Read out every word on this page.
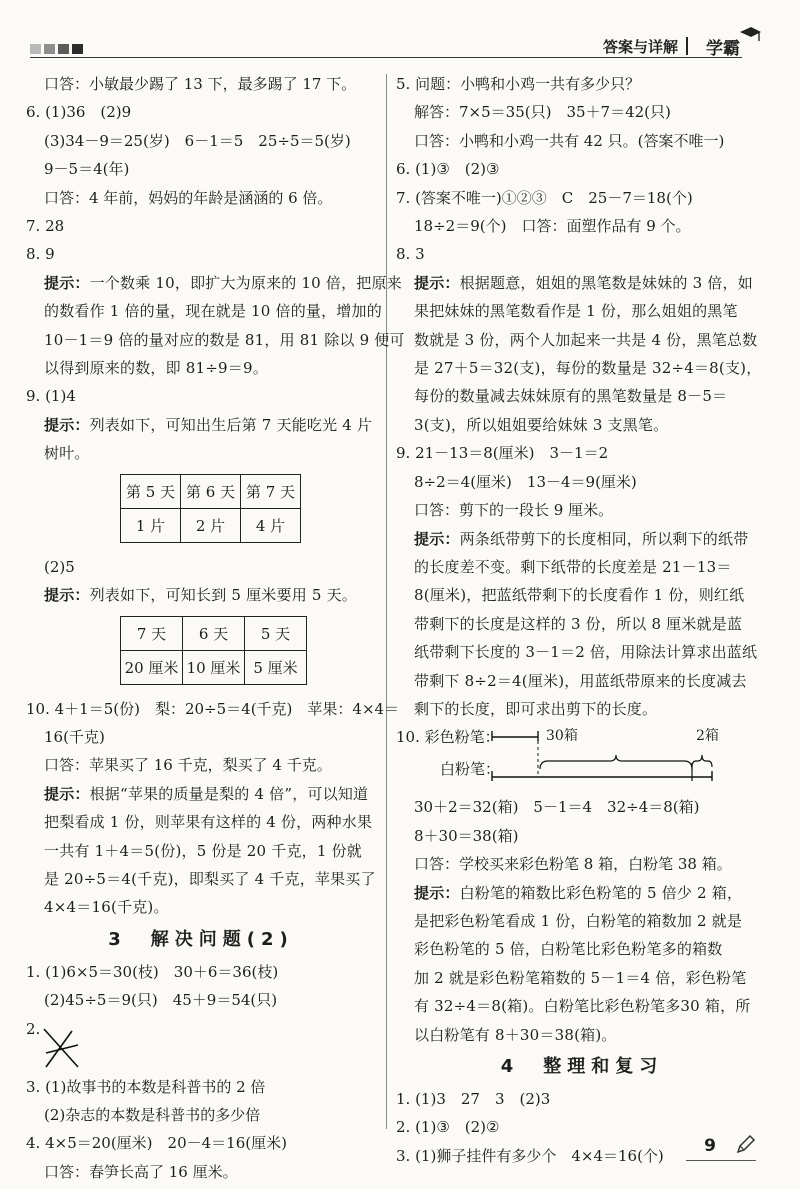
答案与详解 学霸
口答：小敏最少踢了 13 下，最多踢了 17 下。
6. (1)36　(2)9
(3)34－9＝25(岁)　6－1＝5　25÷5＝5(岁)
9－5＝4(年)
口答：4 年前，妈妈的年龄是涵涵的 6 倍。
7. 28
8. 9
提示：一个数乘 10，即扩大为原来的 10 倍，把原来
的数看作 1 倍的量，现在就是 10 倍的量，增加的
10－1＝9 倍的量对应的数是 81，用 81 除以 9 便可
以得到原来的数，即 81÷9＝9。
9. (1)4
提示：列表如下，可知出生后第 7 天能吃光 4 片
树叶。
第 5 天	第 6 天	第 7 天
1 片	2 片	4 片
(2)5
提示：列表如下，可知长到 5 厘米要用 5 天。
7 天	6 天	5 天
20 厘米	10 厘米	5 厘米
10. 4＋1＝5(份)　梨：20÷5＝4(千克)　苹果：4×4＝
16(千克)
口答：苹果买了 16 千克，梨买了 4 千克。
提示：根据“苹果的质量是梨的 4 倍”，可以知道
把梨看成 1 份，则苹果有这样的 4 份，两种水果
一共有 1＋4＝5(份)，5 份是 20 千克，1 份就
是 20÷5＝4(千克)，即梨买了 4 千克，苹果买了
4×4＝16(千克)。
3　解决问题(2)
1. (1)6×5＝30(枝)　30＋6＝36(枝)
(2)45÷5＝9(只)　45＋9＝54(只)
2.
3. (1)故事书的本数是科普书的 2 倍
(2)杂志的本数是科普书的多少倍
4. 4×5＝20(厘米)　20－4＝16(厘米)
口答：春笋长高了 16 厘米。
5. 问题：小鸭和小鸡一共有多少只？
解答：7×5＝35(只)　35＋7＝42(只)
口答：小鸭和小鸡一共有 42 只。(答案不唯一)
6. (1)③　(2)③
7. (答案不唯一)①②③　C　25－7＝18(个)
18÷2＝9(个)　口答：面塑作品有 9 个。
8. 3
提示：根据题意，姐姐的黑笔数是妹妹的 3 倍，如
果把妹妹的黑笔数看作是 1 份，那么姐姐的黑笔
数就是 3 份，两个人加起来一共是 4 份，黑笔总数
是 27＋5＝32(支)，每份的数量是 32÷4＝8(支)，
每份的数量减去妹妹原有的黑笔数量是 8－5＝
3(支)，所以姐姐要给妹妹 3 支黑笔。
9. 21－13＝8(厘米)　3－1＝2
8÷2＝4(厘米)　13－4＝9(厘米)
口答：剪下的一段长 9 厘米。
提示：两条纸带剪下的长度相同，所以剩下的纸带
的长度差不变。剩下纸带的长度差是 21－13＝
8(厘米)，把蓝纸带剩下的长度看作 1 份，则红纸
带剩下的长度是这样的 3 份，所以 8 厘米就是蓝
纸带剩下长度的 3－1＝2 倍，用除法计算求出蓝纸
带剩下 8÷2＝4(厘米)，用蓝纸带原来的长度减去
剩下的长度，即可求出剪下的长度。
10. 彩色粉笔：	30箱	2箱
白粉笔：
30＋2＝32(箱)　5－1＝4　32÷4＝8(箱)
8＋30＝38(箱)
口答：学校买来彩色粉笔 8 箱，白粉笔 38 箱。
提示：白粉笔的箱数比彩色粉笔的 5 倍少 2 箱，
是把彩色粉笔看成 1 份，白粉笔的箱数加 2 就是
彩色粉笔的 5 倍，白粉笔比彩色粉笔多的箱数
加 2 就是彩色粉笔箱数的 5－1＝4 倍，彩色粉笔
有 32÷4＝8(箱)。白粉笔比彩色粉笔多30 箱，所
以白粉笔有 8＋30＝38(箱)。
4　整理和复习
1. (1)3　27　3　(2)3
2. (1)③　(2)②
3. (1)狮子挂件有多少个　4×4＝16(个)	9
